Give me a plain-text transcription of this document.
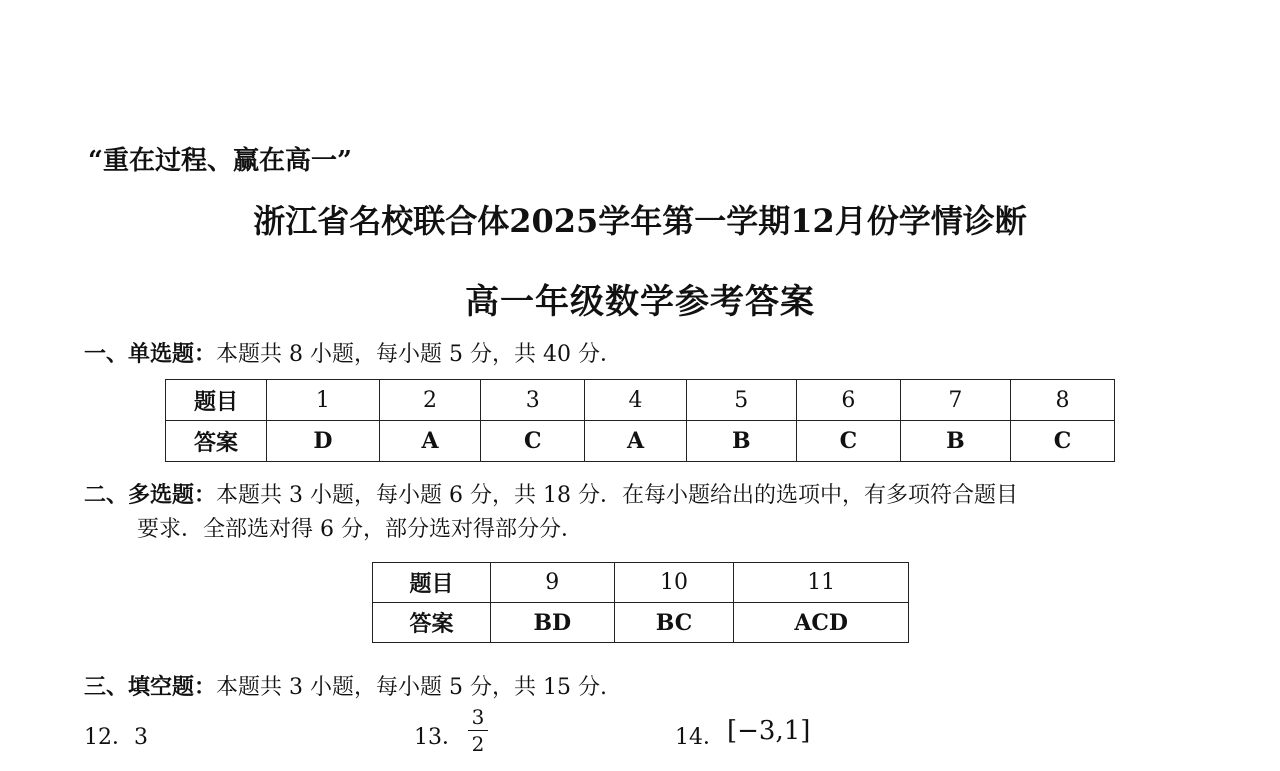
“重在过程、赢在高一”
浙江省名校联合体2025学年第一学期12月份学情诊断
高一年级数学参考答案
一、单选题：本题共 8 小题，每小题 5 分，共 40 分．
题目	1	2	3	4	5	6	7	8
答案	D	A	C	A	B	C	B	C
二、多选题：本题共 3 小题，每小题 6 分，共 18 分．在每小题给出的选项中，有多项符合题目
要求．全部选对得 6 分，部分选对得部分分．
题目	9	10	11
答案	BD	BC	ACD
三、填空题：本题共 3 小题，每小题 5 分，共 15 分.
12．3	13．
3
2	14． [−3,1]
